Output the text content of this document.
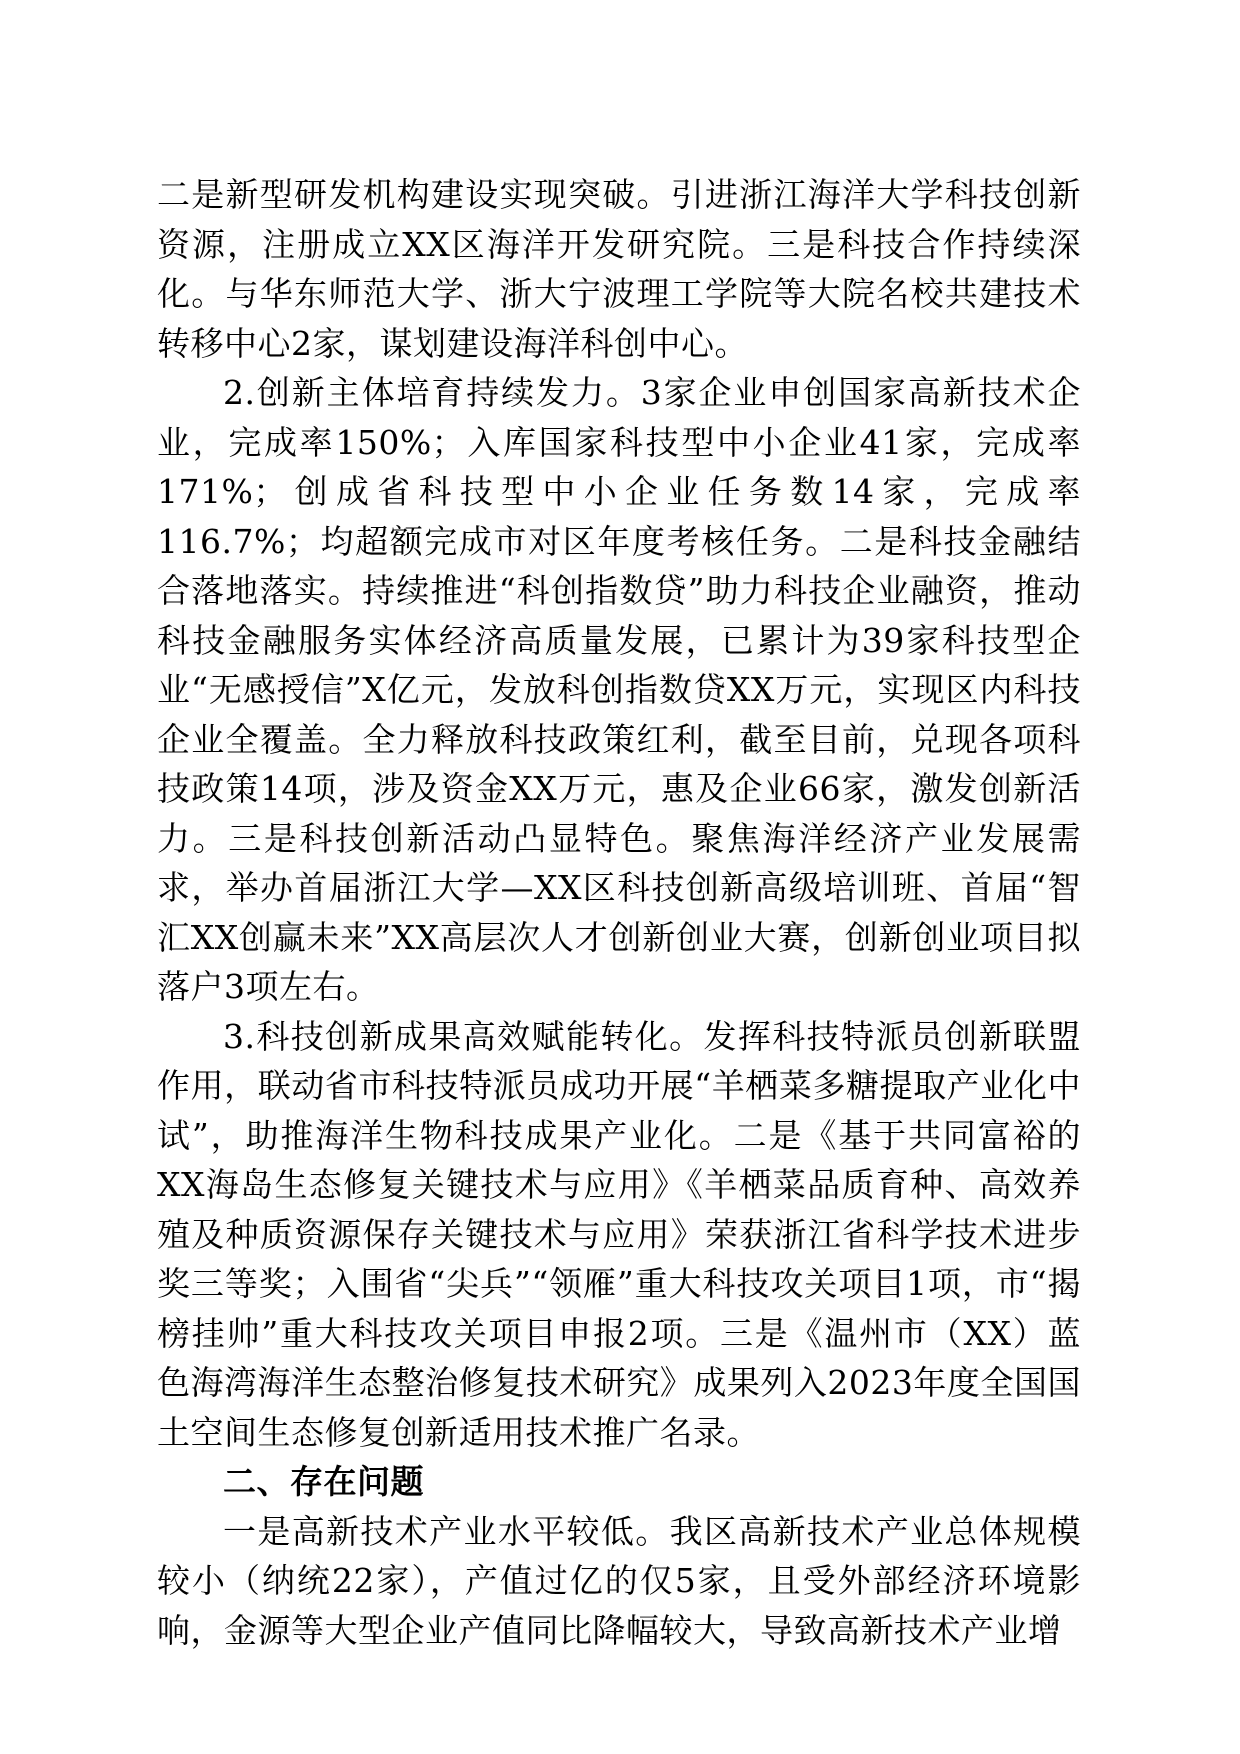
二是新型研发机构建设实现突破。引进浙江海洋大学科技创新资源，注册成立XX区海洋开发研究院。三是科技合作持续深化。与华东师范大学、浙大宁波理工学院等大院名校共建技术转移中心2家，谋划建设海洋科创中心。

2.创新主体培育持续发力。3家企业申创国家高新技术企业，完成率150%；入库国家科技型中小企业41家，完成率171%；创成省科技型中小企业任务数14家，完成率116.7%；均超额完成市对区年度考核任务。二是科技金融结合落地落实。持续推进“科创指数贷”助力科技企业融资，推动科技金融服务实体经济高质量发展，已累计为39家科技型企业“无感授信”X亿元，发放科创指数贷XX万元，实现区内科技企业全覆盖。全力释放科技政策红利，截至目前，兑现各项科技政策14项，涉及资金XX万元，惠及企业66家，激发创新活力。三是科技创新活动凸显特色。聚焦海洋经济产业发展需求，举办首届浙江大学—XX区科技创新高级培训班、首届“智汇XX创赢未来”XX高层次人才创新创业大赛，创新创业项目拟落户3项左右。

3.科技创新成果高效赋能转化。发挥科技特派员创新联盟作用，联动省市科技特派员成功开展“羊栖菜多糖提取产业化中试”，助推海洋生物科技成果产业化。二是《基于共同富裕的XX海岛生态修复关键技术与应用》《羊栖菜品质育种、高效养殖及种质资源保存关键技术与应用》荣获浙江省科学技术进步奖三等奖；入围省“尖兵”“领雁”重大科技攻关项目1项，市“揭榜挂帅”重大科技攻关项目申报2项。三是《温州市（XX）蓝色海湾海洋生态整治修复技术研究》成果列入2023年度全国国土空间生态修复创新适用技术推广名录。

二、存在问题

一是高新技术产业水平较低。我区高新技术产业总体规模较小（纳统22家），产值过亿的仅5家，且受外部经济环境影响，金源等大型企业产值同比降幅较大，导致高新技术产业增
